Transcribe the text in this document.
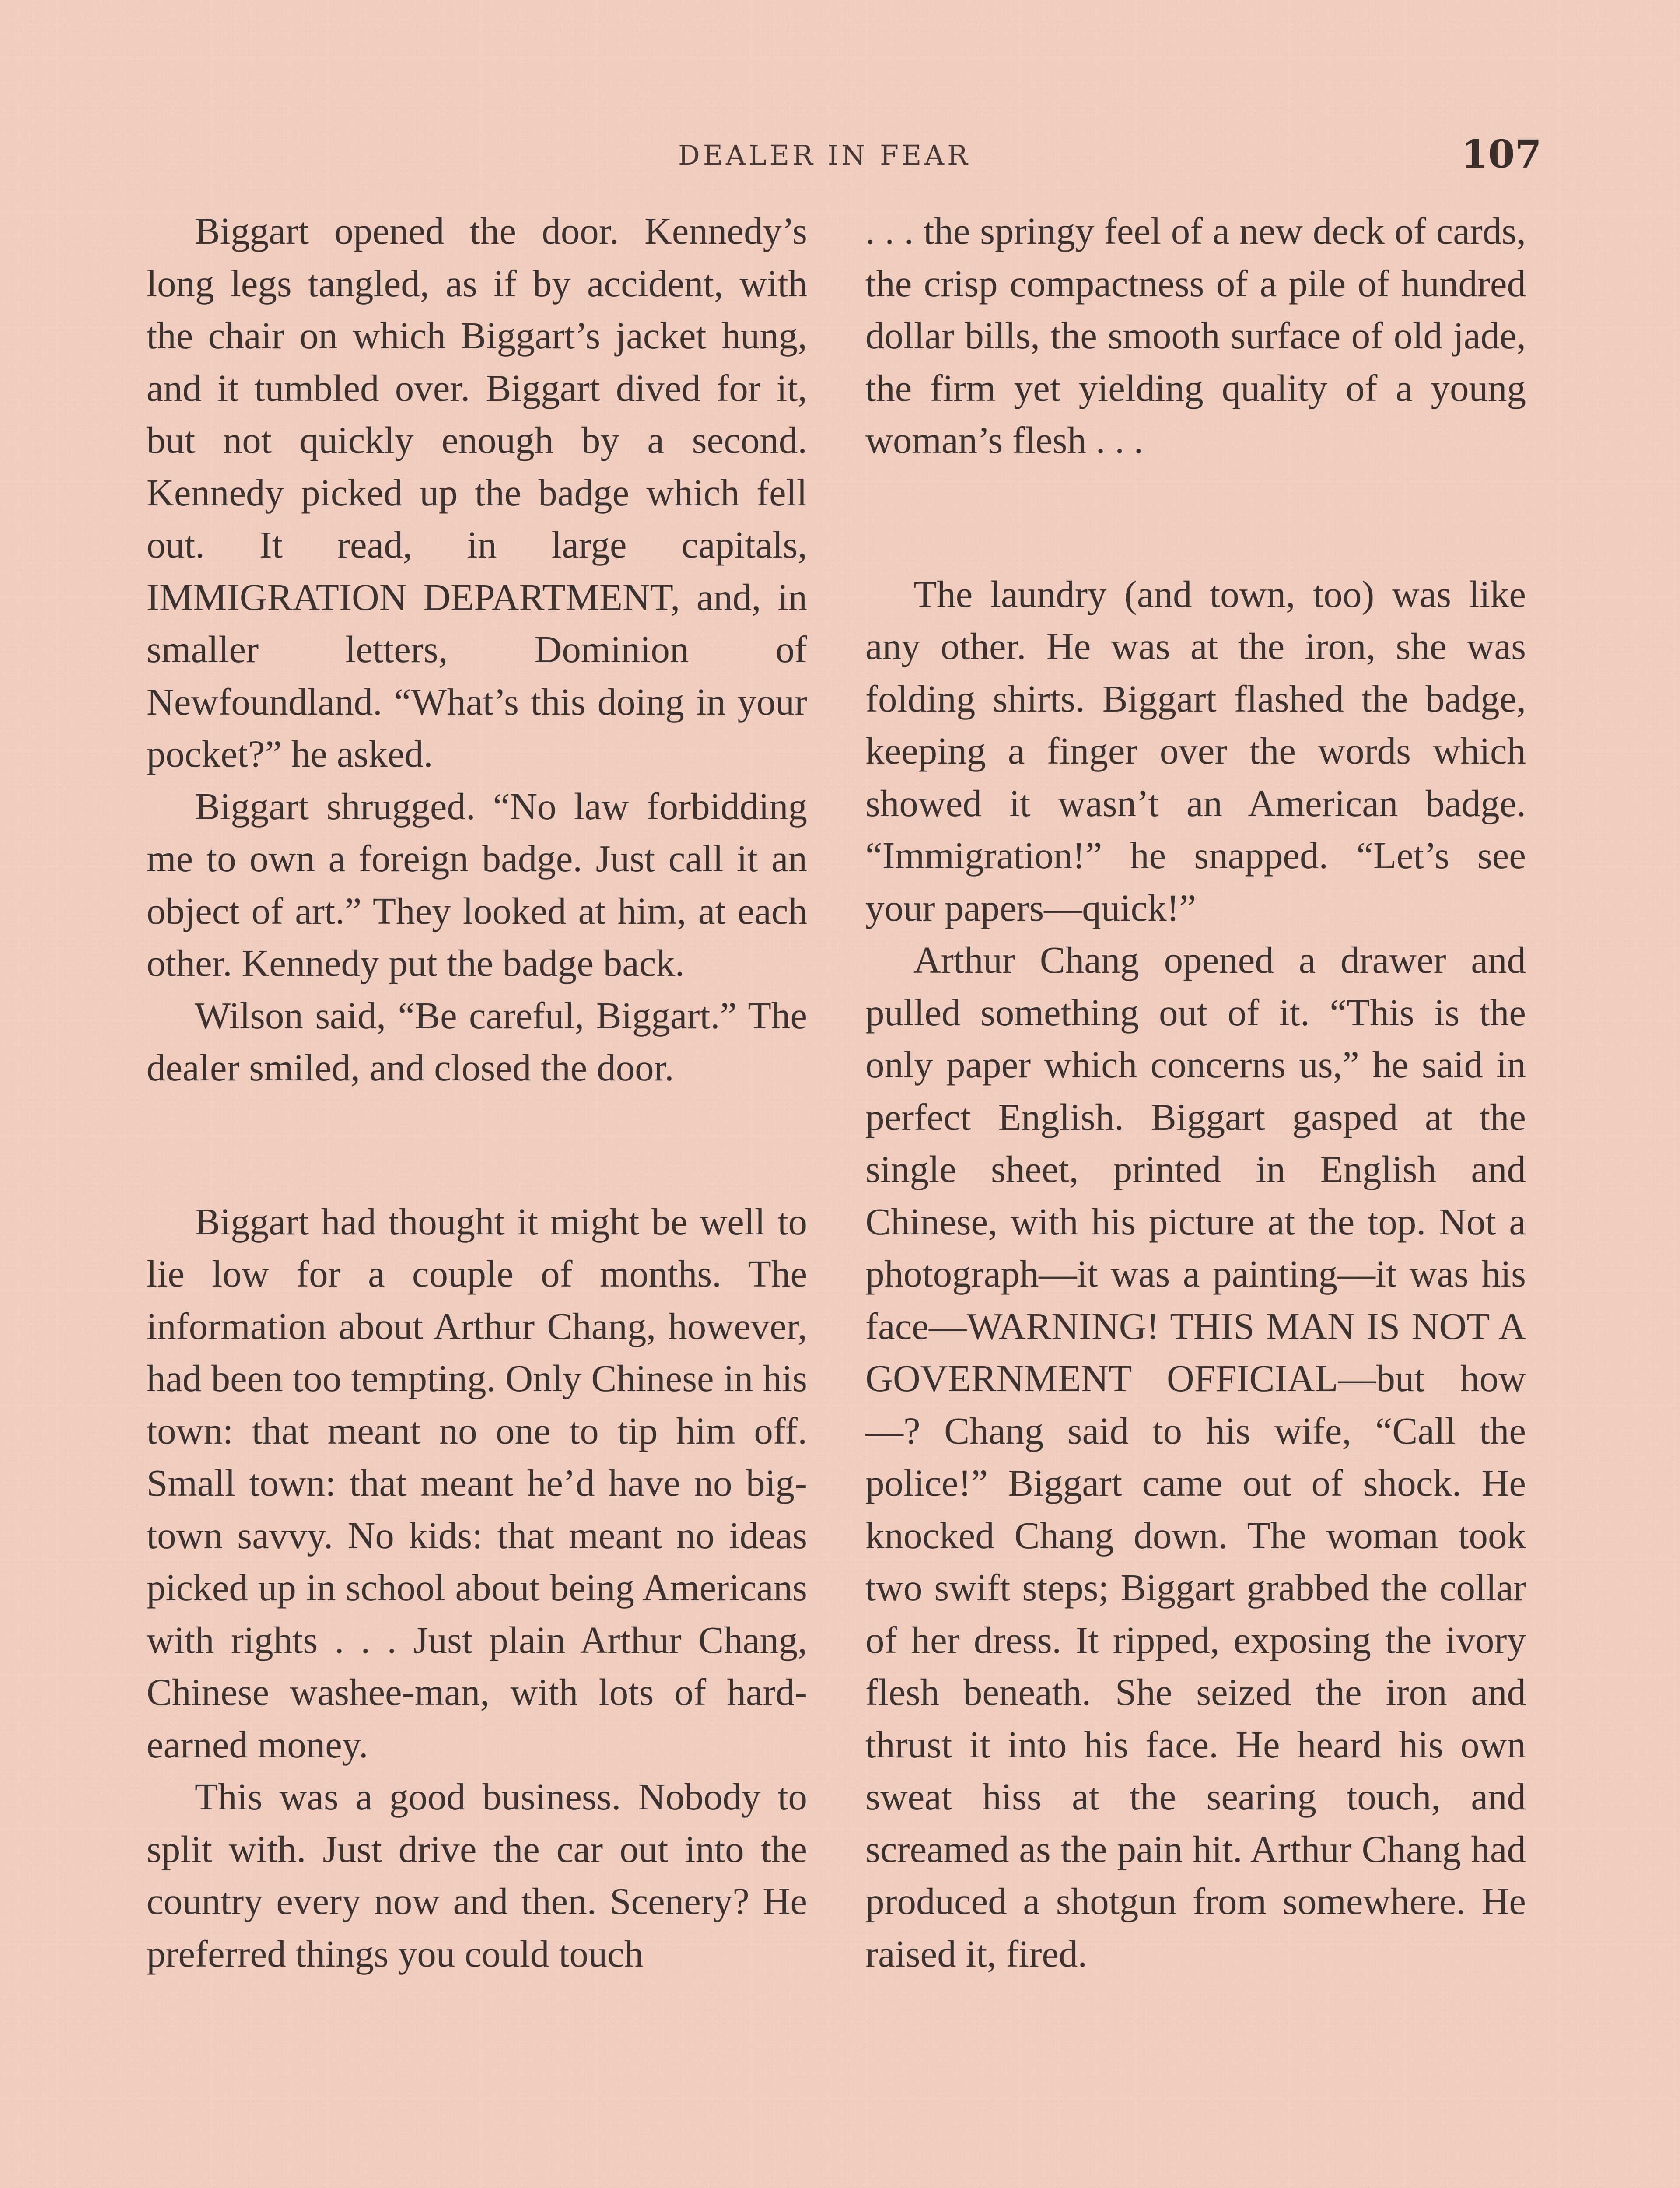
DEALER IN FEAR	107

Biggart opened the door. Kennedy’s long legs tangled, as if by accident, with the chair on which Biggart’s jacket hung, and it tumbled over. Biggart dived for it, but not quickly enough by a second. Kennedy picked up the badge which fell out. It read, in large capitals, IMMIGRATION DEPARTMENT, and, in smaller letters, Dominion of Newfoundland. “What’s this doing in your pocket?” he asked.

Biggart shrugged. “No law forbidding me to own a foreign badge. Just call it an object of art.” They looked at him, at each other. Kennedy put the badge back.

Wilson said, “Be careful, Biggart.” The dealer smiled, and closed the door.

Biggart had thought it might be well to lie low for a couple of months. The information about Arthur Chang, however, had been too tempting. Only Chinese in his town: that meant no one to tip him off. Small town: that meant he’d have no big-town savvy. No kids: that meant no ideas picked up in school about being Americans with rights . . . Just plain Arthur Chang, Chinese washee-man, with lots of hard-earned money.

This was a good business. Nobody to split with. Just drive the car out into the country every now and then. Scenery? He preferred things you could touch

. . . the springy feel of a new deck of cards, the crisp compactness of a pile of hundred dollar bills, the smooth surface of old jade, the firm yet yielding quality of a young woman’s flesh . . .

The laundry (and town, too) was like any other. He was at the iron, she was folding shirts. Biggart flashed the badge, keeping a finger over the words which showed it wasn’t an American badge. “Immigration!” he snapped. “Let’s see your papers—quick!”

Arthur Chang opened a drawer and pulled something out of it. “This is the only paper which concerns us,” he said in perfect English. Biggart gasped at the single sheet, printed in English and Chinese, with his picture at the top. Not a photograph—it was a painting—it was his face—WARNING! THIS MAN IS NOT A GOVERNMENT OFFICIAL—but how—? Chang said to his wife, “Call the police!” Biggart came out of shock. He knocked Chang down. The woman took two swift steps; Biggart grabbed the collar of her dress. It ripped, exposing the ivory flesh beneath. She seized the iron and thrust it into his face. He heard his own sweat hiss at the searing touch, and screamed as the pain hit. Arthur Chang had produced a shotgun from somewhere. He raised it, fired.
